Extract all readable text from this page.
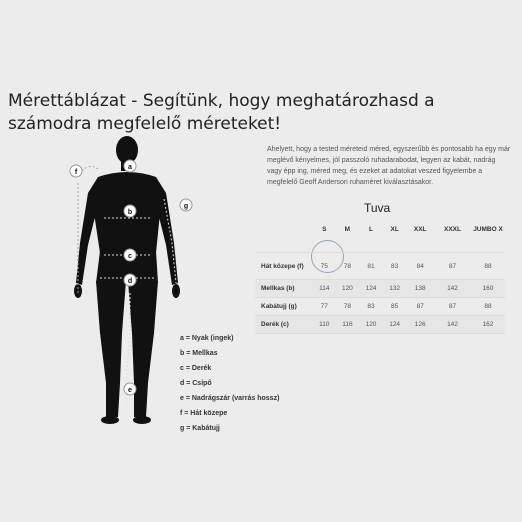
Mérettáblázat - Segítünk, hogy meghatározhasd a számodra megfelelő méreteket!
a
b
c
d
e
f
g
a = Nyak (ingek)
b = Mellkas
c = Derék
d = Csípő
e = Nadrágszár (varrás hossz)
f = Hát közepe
g = Kabátujj
Ahelyett, hogy a tested méreteid méred, egyszerűbb és pontosabb ha egy már meglévő kényelmes, jól passzoló ruhadarabodat, legyen az kabát, nadrág vagy épp ing, méred meg, és ezeket at adatokat veszed figyelembe a megfelelő Geoff Anderson ruhaméret kiválasztásakor.
Tuva
	S	M	L	XL	XXL	XXXL	JUMBO X
Hát közepe (f)	75	78	81	83	84	87	88
Mellkas (b)	114	120	124	132	138	142	160
Kabátujj (g)	77	78	83	85	87	87	88
Derék (c)	110	116	120	124	126	142	162
